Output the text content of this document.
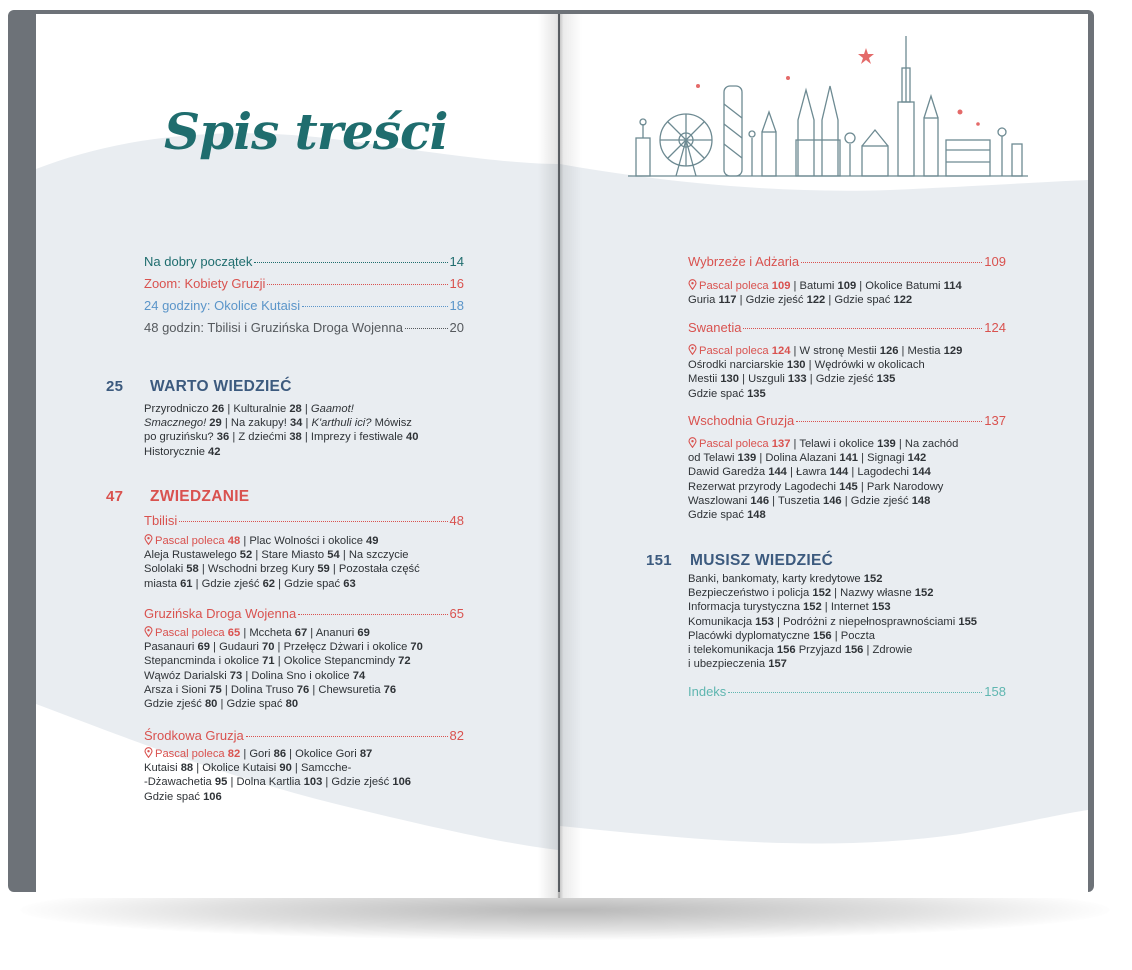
Spis treści
Na dobry początek	14
Zoom: Kobiety Gruzji	16
24 godziny: Okolice Kutaisi	18
48 godzin: Tbilisi i Gruzińska Droga Wojenna	20
25	WARTO WIEDZIEĆ
Przyrodniczo 26 | Kulturalnie 28 | Gaamot!
Smacznego! 29 | Na zakupy! 34 | K'arthuli ici? Mówisz
po gruzińsku? 36 | Z dziećmi 38 | Imprezy i festiwale 40
Historycznie 42
47	ZWIEDZANIE
Tbilisi	48
Pascal poleca 48 | Plac Wolności i okolice 49
Aleja Rustawelego 52 | Stare Miasto 54 | Na szczycie
Sololaki 58 | Wschodni brzeg Kury 59 | Pozostała część
miasta 61 | Gdzie zjeść 62 | Gdzie spać 63
Gruzińska Droga Wojenna	65
Pascal poleca 65 | Mccheta 67 | Ananuri 69
Pasanauri 69 | Gudauri 70 | Przełęcz Dżwari i okolice 70
Stepancminda i okolice 71 | Okolice Stepancmindy 72
Wąwóz Darialski 73 | Dolina Sno i okolice 74
Arsza i Sioni 75 | Dolina Truso 76 | Chewsuretia 76
Gdzie zjeść 80 | Gdzie spać 80
Środkowa Gruzja	82
Pascal poleca 82 | Gori 86 | Okolice Gori 87
Kutaisi 88 | Okolice Kutaisi 90 | Samcche-
-Dżawachetia 95 | Dolna Kartlia 103 | Gdzie zjeść 106
Gdzie spać 106
Wybrzeże i Adżaria	109
Pascal poleca 109 | Batumi 109 | Okolice Batumi 114
Guria 117 | Gdzie zjeść 122 | Gdzie spać 122
Swanetia	124
Pascal poleca 124 | W stronę Mestii 126 | Mestia 129
Ośrodki narciarskie 130 | Wędrówki w okolicach
Mestii 130 | Uszguli 133 | Gdzie zjeść 135
Gdzie spać 135
Wschodnia Gruzja	137
Pascal poleca 137 | Telawi i okolice 139 | Na zachód
od Telawi 139 | Dolina Alazani 141 | Signagi 142
Dawid Garedża 144 | Ławra 144 | Lagodechi 144
Rezerwat przyrody Lagodechi 145 | Park Narodowy
Waszlowani 146 | Tuszetia 146 | Gdzie zjeść 148
Gdzie spać 148
151	MUSISZ WIEDZIEĆ
Banki, bankomaty, karty kredytowe 152
Bezpieczeństwo i policja 152 | Nazwy własne 152
Informacja turystyczna 152 | Internet 153
Komunikacja 153 | Podróżni z niepełnosprawnościami 155
Placówki dyplomatyczne 156 | Poczta
i telekomunikacja 156 Przyjazd 156 | Zdrowie
i ubezpieczenia 157
Indeks	158
